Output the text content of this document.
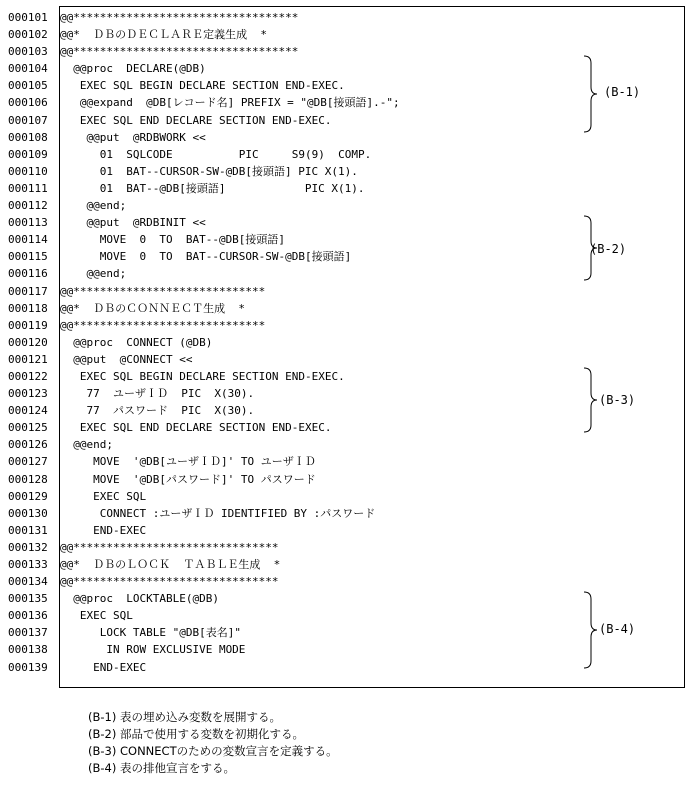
000101
000102
000103
000104
000105
000106
000107
000108
000109
000110
000111
000112
000113
000114
000115
000116
000117
000118
000119
000120
000121
000122
000123
000124
000125
000126
000127
000128
000129
000130
000131
000132
000133
000134
000135
000136
000137
000138
000139
@@**********************************
@@*  ＤＢのＤＥＣＬＡＲＥ定義生成  *
@@**********************************
@@proc  DECLARE(@DB)
EXEC SQL BEGIN DECLARE SECTION END-EXEC.
@@expand  @DB[レコード名] PREFIX = "@DB[接頭語].-";
EXEC SQL END DECLARE SECTION END-EXEC.
@@put  @RDBWORK <<
01  SQLCODE          PIC     S9(9)  COMP.
01  BAT--CURSOR-SW-@DB[接頭語] PIC X(1).
01  BAT--@DB[接頭語]            PIC X(1).
@@end;
@@put  @RDBINIT <<
MOVE  0  TO  BAT--@DB[接頭語]
MOVE  0  TO  BAT--CURSOR-SW-@DB[接頭語]
@@end;
@@*****************************
@@*  ＤＢのＣＯＮＮＥＣＴ生成  *
@@*****************************
@@proc  CONNECT (@DB)
@@put  @CONNECT <<
EXEC SQL BEGIN DECLARE SECTION END-EXEC.
77  ユーザＩＤ  PIC  X(30).
77  パスワード  PIC  X(30).
EXEC SQL END DECLARE SECTION END-EXEC.
@@end;
MOVE  '@DB[ユーザＩＤ]' TO ユーザＩＤ
MOVE  '@DB[パスワード]' TO パスワード
EXEC SQL
CONNECT :ユーザＩＤ IDENTIFIED BY :パスワード
END-EXEC
@@*******************************
@@*  ＤＢのＬＯＣＫ  ＴＡＢＬＥ生成  *
@@*******************************
@@proc  LOCKTABLE(@DB)
EXEC SQL
LOCK TABLE "@DB[表名]"
IN ROW EXCLUSIVE MODE
END-EXEC
(B-1)
(B-2)
(B-3)
(B-4)
(B-1) 表の埋め込み変数を展開する。
(B-2) 部品で使用する変数を初期化する。
(B-3) CONNECTのための変数宣言を定義する。
(B-4) 表の排他宣言をする。
